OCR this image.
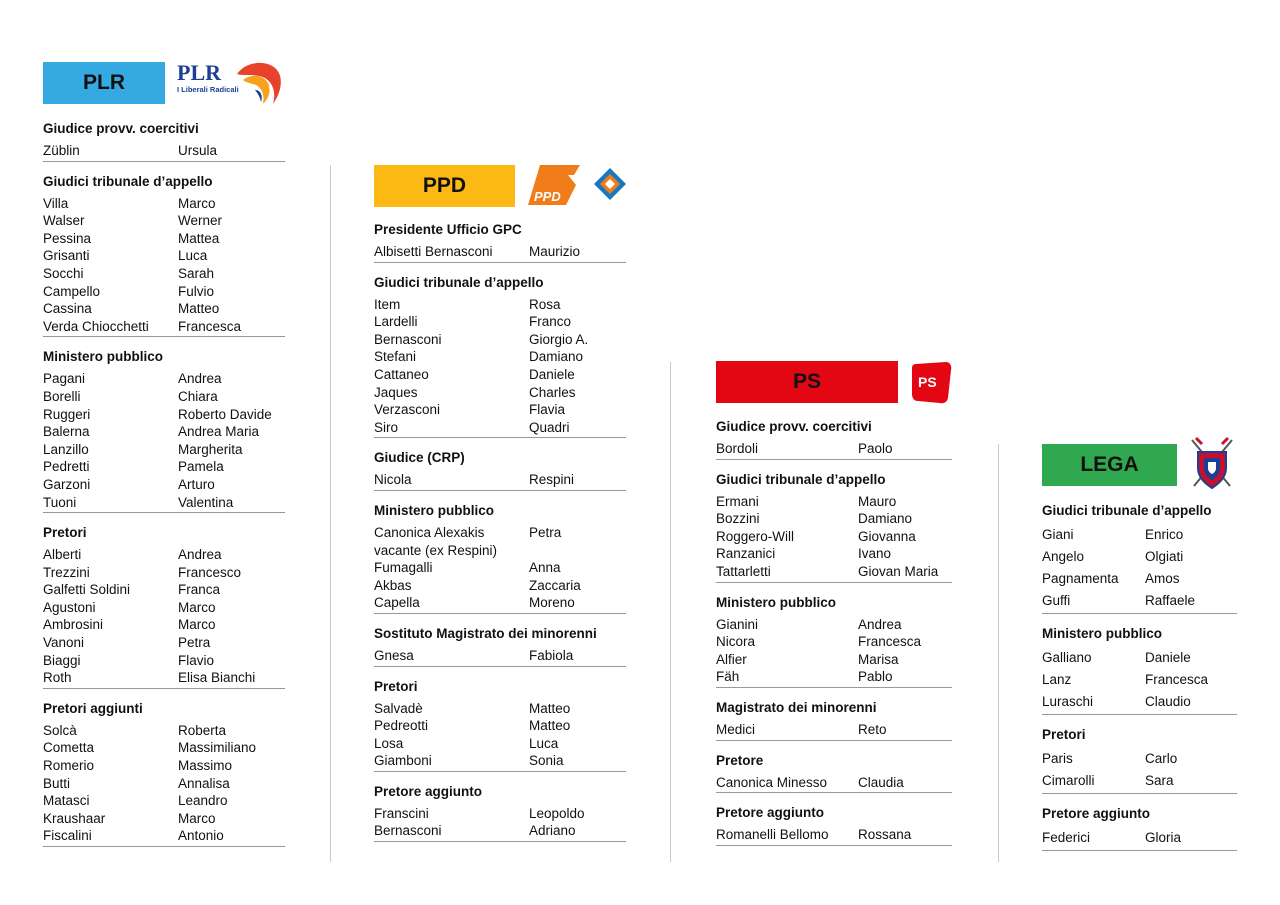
PLR	PLR
I Liberali Radicali
Giudice provv. coercitivi
Züblin	Ursula
Giudici tribunale d’appello
Villa	Marco
Walser	Werner
Pessina	Mattea
Grisanti	Luca
Socchi	Sarah
Campello	Fulvio
Cassina	Matteo
Verda Chiocchetti	Francesca
Ministero pubblico
Pagani	Andrea
Borelli	Chiara
Ruggeri	Roberto Davide
Balerna	Andrea Maria
Lanzillo	Margherita
Pedretti	Pamela
Garzoni	Arturo
Tuoni	Valentina
Pretori
Alberti	Andrea
Trezzini	Francesco
Galfetti Soldini	Franca
Agustoni	Marco
Ambrosini	Marco
Vanoni	Petra
Biaggi	Flavio
Roth	Elisa Bianchi
Pretori aggiunti
Solcà	Roberta
Cometta	Massimiliano
Romerio	Massimo
Butti	Annalisa
Matasci	Leandro
Kraushaar	Marco
Fiscalini	Antonio
PPD	PPD
Presidente Ufficio GPC
Albisetti Bernasconi	Maurizio
Giudici tribunale d’appello
Item	Rosa
Lardelli	Franco
Bernasconi	Giorgio A.
Stefani	Damiano
Cattaneo	Daniele
Jaques	Charles
Verzasconi	Flavia
Siro	Quadri
Giudice (CRP)
Nicola	Respini
Ministero pubblico
Canonica Alexakis	Petra
vacante (ex Respini)
Fumagalli	Anna
Akbas	Zaccaria
Capella	Moreno
Sostituto Magistrato dei minorenni
Gnesa	Fabiola
Pretori
Salvadè	Matteo
Pedreotti	Matteo
Losa	Luca
Giamboni	Sonia
Pretore aggiunto
Franscini	Leopoldo
Bernasconi	Adriano
PS	PS
Giudice provv. coercitivi
Bordoli	Paolo
Giudici tribunale d’appello
Ermani	Mauro
Bozzini	Damiano
Roggero-Will	Giovanna
Ranzanici	Ivano
Tattarletti	Giovan Maria
Ministero pubblico
Gianini	Andrea
Nicora	Francesca
Alfier	Marisa
Fäh	Pablo
Magistrato dei minorenni
Medici	Reto
Pretore
Canonica Minesso	Claudia
Pretore aggiunto
Romanelli Bellomo	Rossana
LEGA
Giudici tribunale d’appello
Giani	Enrico
Angelo	Olgiati
Pagnamenta	Amos
Guffi	Raffaele
Ministero pubblico
Galliano	Daniele
Lanz	Francesca
Luraschi	Claudio
Pretori
Paris	Carlo
Cimarolli	Sara
Pretore aggiunto
Federici	Gloria
